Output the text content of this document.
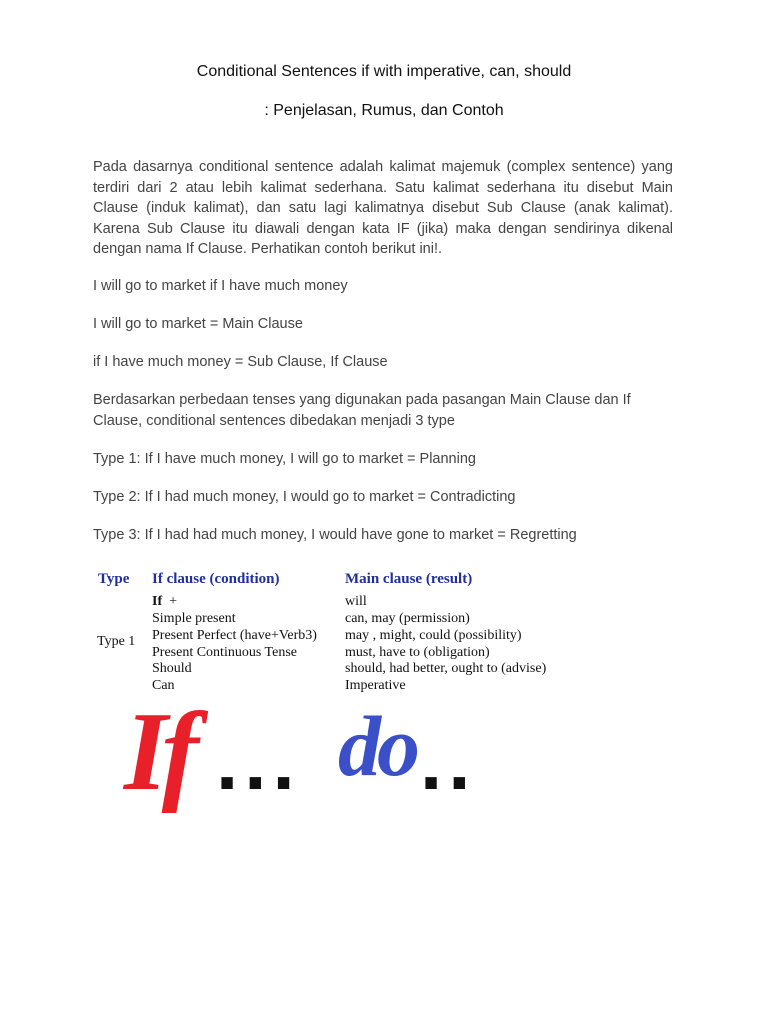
Conditional Sentences if with imperative, can, should

: Penjelasan, Rumus, dan Contoh

Pada dasarnya conditional sentence adalah kalimat majemuk (complex sentence) yang terdiri dari 2 atau lebih kalimat sederhana. Satu kalimat sederhana itu disebut Main Clause (induk kalimat), dan satu lagi kalimatnya disebut Sub Clause (anak kalimat). Karena Sub Clause itu diawali dengan kata IF (jika) maka dengan sendirinya dikenal dengan nama If Clause. Perhatikan contoh berikut ini!.

I will go to market if I have much money

I will go to market = Main Clause

if I have much money = Sub Clause, If Clause

Berdasarkan perbedaan tenses yang digunakan pada pasangan Main Clause dan If Clause, conditional sentences dibedakan menjadi 3 type

Type 1: If I have much money, I will go to market = Planning

Type 2: If I had much money, I would go to market = Contradicting

Type 3: If I had had much money, I would have gone to market = Regretting

Type If clause (condition)	Main clause (result)
Type 1
If +
Simple present
Present Perfect (have+Verb3)
Present Continuous Tense
Should
Can
will
can, may (permission)
may , might, could (possibility)
must, have to (obligation)
should, had better, ought to (advise)
Imperative
If ... do ..
